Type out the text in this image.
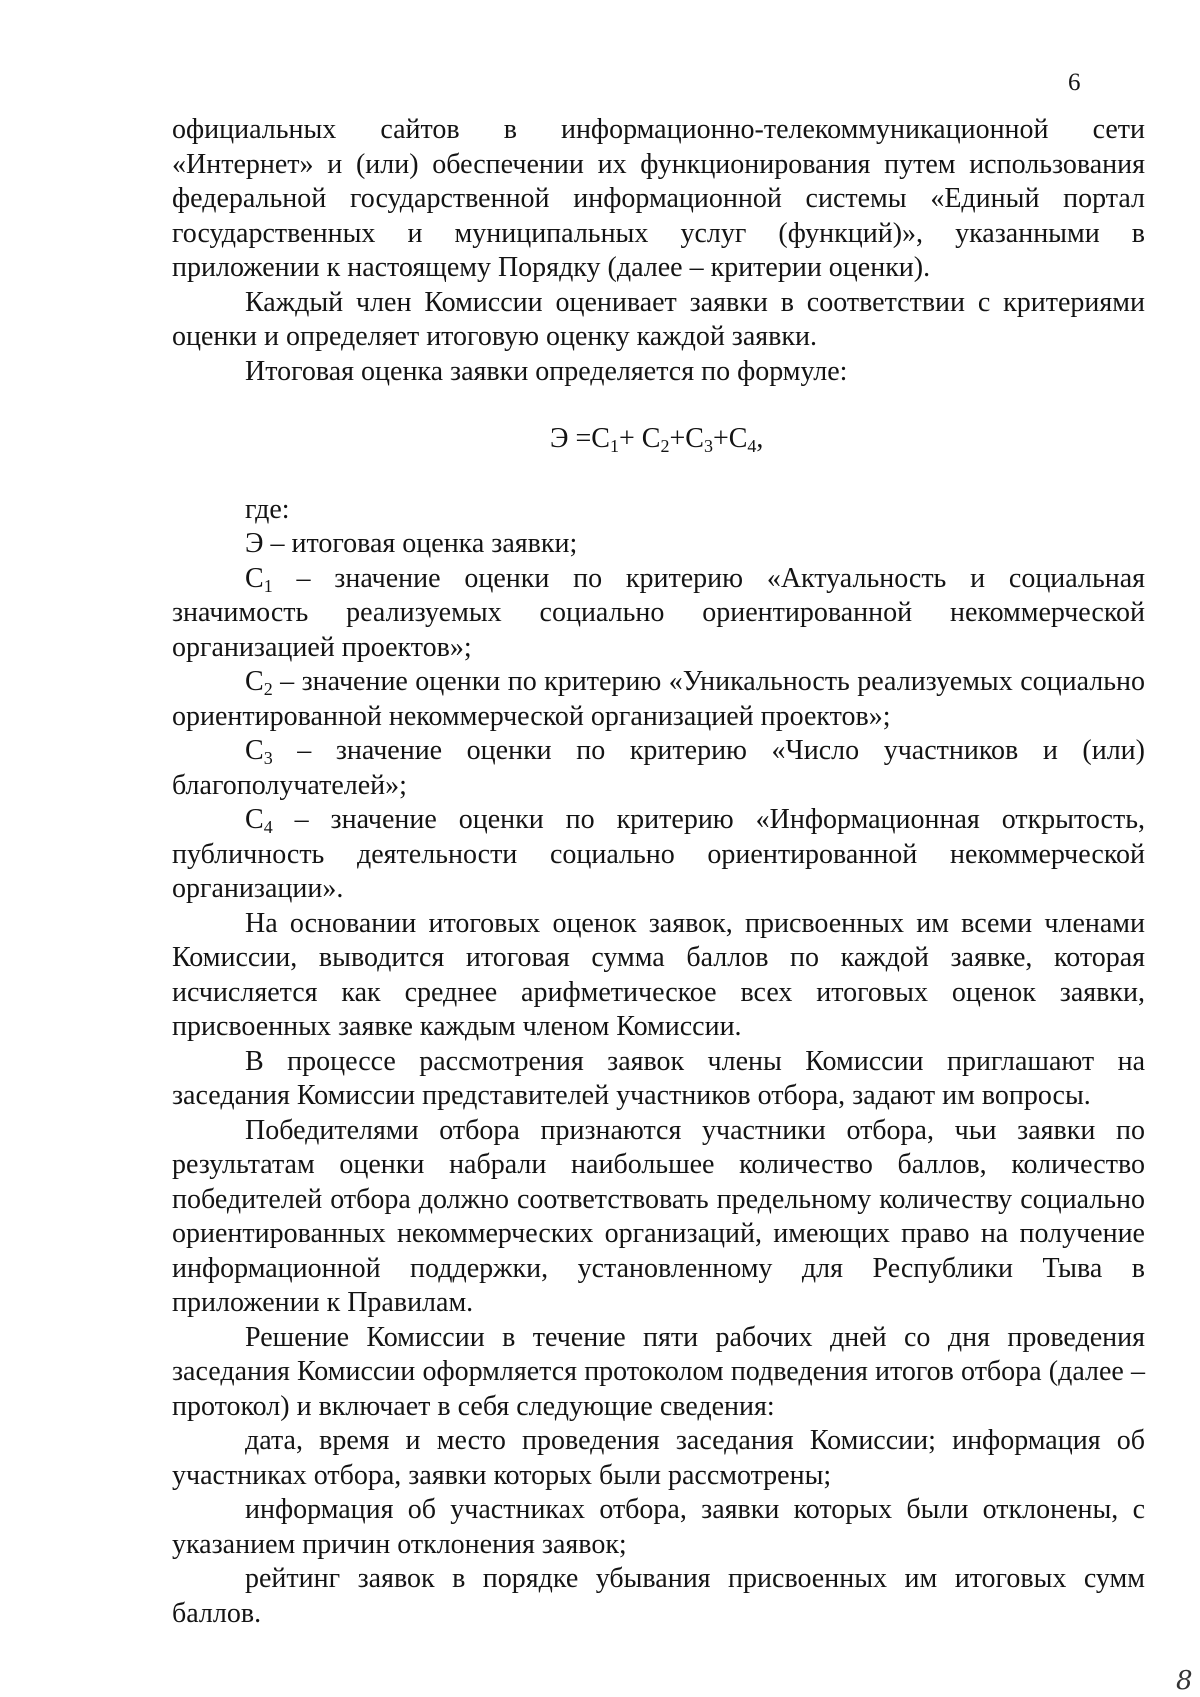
6

официальных сайтов в информационно-телекоммуникационной сети «Интернет» и (или) обеспечении их функционирования путем использования федеральной государственной информационной системы «Единый портал государственных и муниципальных услуг (функций)», указанными в приложении к настоящему Порядку (далее – критерии оценки).

Каждый член Комиссии оценивает заявки в соответствии с критериями оценки и определяет итоговую оценку каждой заявки.

Итоговая оценка заявки определяется по формуле:

$Э =С_1+ С_2+С_3+С_4$,

где:

Э – итоговая оценка заявки;

$С_1$ – значение оценки по критерию «Актуальность и социальная значимость реализуемых социально ориентированной некоммерческой организацией проектов»;

$С_2$ – значение оценки по критерию «Уникальность реализуемых социально ориентированной некоммерческой организацией проектов»;

$С_3$ – значение оценки по критерию «Число участников и (или) благополучателей»;

$С_4$ – значение оценки по критерию «Информационная открытость, публичность деятельности социально ориентированной некоммерческой организации».

На основании итоговых оценок заявок, присвоенных им всеми членами Комиссии, выводится итоговая сумма баллов по каждой заявке, которая исчисляется как среднее арифметическое всех итоговых оценок заявки, присвоенных заявке каждым членом Комиссии.

В процессе рассмотрения заявок члены Комиссии приглашают на заседания Комиссии представителей участников отбора, задают им вопросы.

Победителями отбора признаются участники отбора, чьи заявки по результатам оценки набрали наибольшее количество баллов, количество победителей отбора должно соответствовать предельному количеству социально ориентированных некоммерческих организаций, имеющих право на получение информационной поддержки, установленному для Республики Тыва в приложении к Правилам.

Решение Комиссии в течение пяти рабочих дней со дня проведения заседания Комиссии оформляется протоколом подведения итогов отбора (далее – протокол) и включает в себя следующие сведения:

дата, время и место проведения заседания Комиссии; информация об участниках отбора, заявки которых были рассмотрены;

информация об участниках отбора, заявки которых были отклонены, с указанием причин отклонения заявок;

рейтинг заявок в порядке убывания присвоенных им итоговых сумм баллов.

8
